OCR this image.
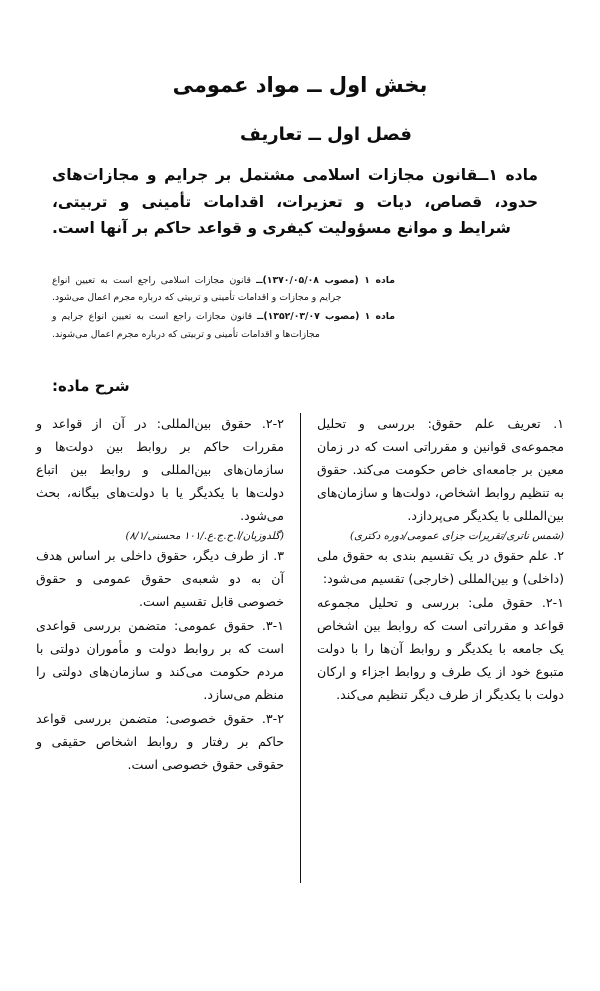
بخش اول ــ مواد عمومی
فصل اول ــ تعاریف
ماده ۱ــقانون مجازات اسلامی مشتمل بر جرایم و مجازات‌های حدود، قصاص، دیات و تعزیرات، اقدامات تأمینی و تربیتی، شرایط و موانع مسؤولیت کیفری و قواعد حاکم بر آنها است.
ماده ۱ (مصوب ۱۳۷۰/۰۵/۰۸)ــ قانون مجازات اسلامی راجع است به تعیین انواع جرایم و مجازات و اقدامات تأمینی و تربیتی که درباره مجرم اعمال می‌شود.
ماده ۱ (مصوب ۱۳۵۲/۰۳/۰۷)ــ قانون مجازات راجع است به تعیین انواع جرایم و مجازات‌ها و اقدامات تأمینی و تربیتی که درباره مجرم اعمال می‌شوند.
شرح ماده:

۱. تعریف علم حقوق: بررسی و تحلیل مجموعه‌ی قوانین و مقرراتی است که در زمان معین بر جامعه‌ای خاص حکومت می‌کند. حقوق به تنظیم روابط اشخاص، دولت‌ها و سازمان‌های بین‌المللی با یکدیگر می‌پردازد.

(شمس ناتری/تقریرات جزای عمومی/دوره دکتری)

۲. علم حقوق در یک تقسیم بندی به حقوق ملی (داخلی) و بین‌المللی (خارجی) تقسیم می‌شود:

۲-۱. حقوق ملی: بررسی و تحلیل مجموعه قواعد و مقرراتی است که روابط بین اشخاص یک جامعه با یکدیگر و روابط آن‌ها را با دولت متبوع خود از یک طرف و روابط اجزاء و ارکان دولت با یکدیگر از طرف دیگر تنظیم می‌کند.

۲-۲. حقوق بین‌المللی: در آن از قواعد و مقررات حاکم بر روابط بین دولت‌ها و سازمان‌های بین‌المللی و روابط بین اتباع دولت‌ها با یکدیگر یا با دولت‌های بیگانه، بحث می‌شود.

(گلدوزیان/ا.ح.ج.ع./۱۰۱ محسنی/۸/۱)

۳. از طرف دیگر، حقوق داخلی بر اساس هدف آن به دو شعبه‌ی حقوق عمومی و حقوق خصوصی قابل تقسیم است.

۳-۱. حقوق عمومی: متضمن بررسی قواعدی است که بر روابط دولت و مأموران دولتی با مردم حکومت می‌کند و سازمان‌های دولتی را منظم می‌سازد.

۳-۲. حقوق خصوصی: متضمن بررسی قواعد حاکم بر رفتار و روابط اشخاص حقیقی و حقوقی حقوق خصوصی است.
